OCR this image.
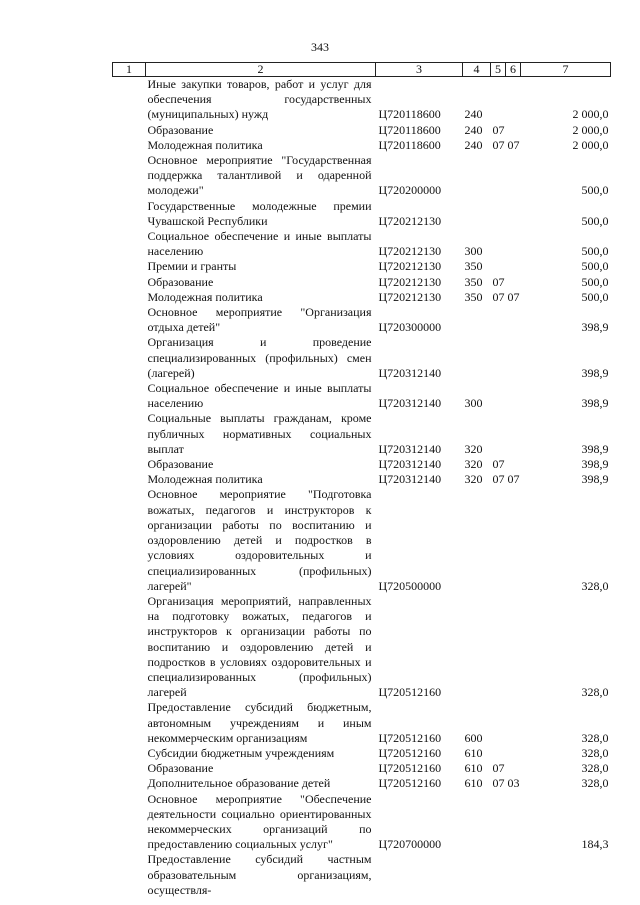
343
1	2	3	4	5	6	7
	Иные закупки товаров, работ и услуг для обеспечения государственных (муниципальных) нужд	Ц720118600	240			2 000,0
	Образование	Ц720118600	240	07		2 000,0
	Молодежная политика	Ц720118600	240	07	07	2 000,0
	Основное мероприятие "Государственная поддержка талантливой и одаренной молодежи"	Ц720200000				500,0
	Государственные молодежные премии Чувашской Республики	Ц720212130				500,0
	Социальное обеспечение и иные выплаты населению	Ц720212130	300			500,0
	Премии и гранты	Ц720212130	350			500,0
	Образование	Ц720212130	350	07		500,0
	Молодежная политика	Ц720212130	350	07	07	500,0
	Основное мероприятие "Организация отдыха детей"	Ц720300000				398,9
	Организация и проведение специализированных (профильных) смен (лагерей)	Ц720312140				398,9
	Социальное обеспечение и иные выплаты населению	Ц720312140	300			398,9
	Социальные выплаты гражданам, кроме публичных нормативных социальных выплат	Ц720312140	320			398,9
	Образование	Ц720312140	320	07		398,9
	Молодежная политика	Ц720312140	320	07	07	398,9
	Основное мероприятие "Подготовка вожатых, педагогов и инструкторов к организации работы по воспитанию и оздоровлению детей и подростков в условиях оздоровительных и специализированных (профильных) лагерей"	Ц720500000				328,0
	Организация мероприятий, направленных на подготовку вожатых, педагогов и инструкторов к организации работы по воспитанию и оздоровлению детей и подростков в условиях оздоровительных и специализированных (профильных) лагерей	Ц720512160				328,0
	Предоставление субсидий бюджетным, автономным учреждениям и иным некоммерческим организациям	Ц720512160	600			328,0
	Субсидии бюджетным учреждениям	Ц720512160	610			328,0
	Образование	Ц720512160	610	07		328,0
	Дополнительное образование детей	Ц720512160	610	07	03	328,0
	Основное мероприятие "Обеспечение деятельности социально ориентированных некоммерческих организаций по предоставлению социальных услуг"	Ц720700000				184,3
	Предоставление субсидий частным образовательным организациям, осуществля-					
